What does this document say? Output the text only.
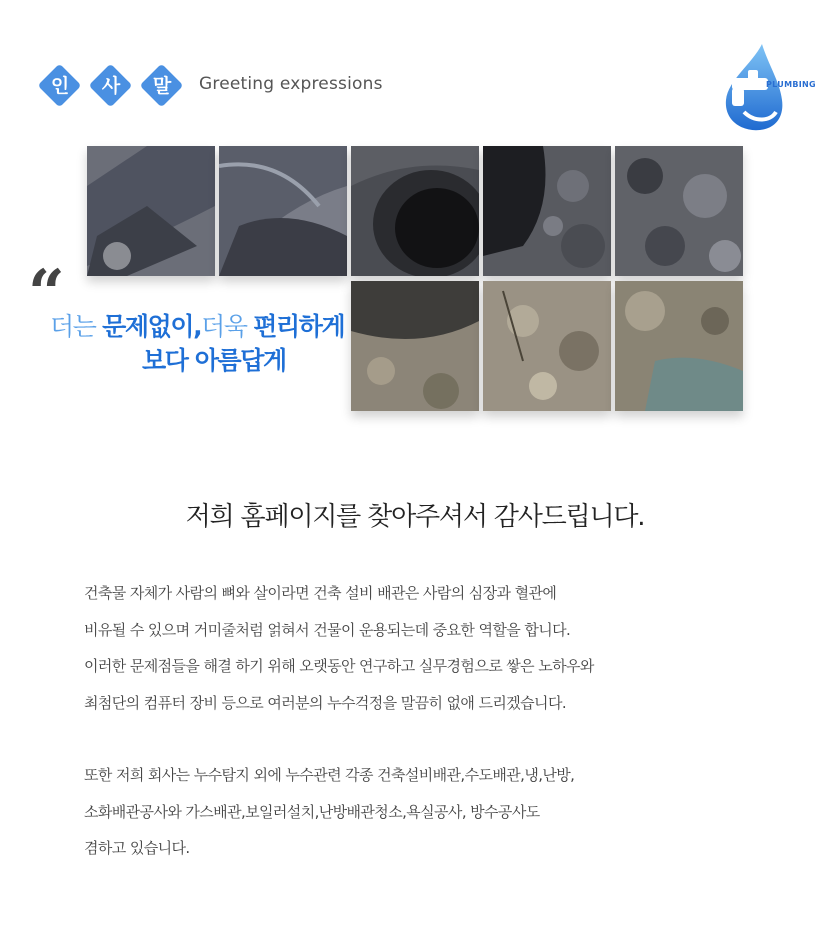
인	사	말	Greeting expressions	PLUMBING
“
더는 문제없이,더욱 편리하게
보다 아름답게
저희 홈페이지를 찾아주셔서 감사드립니다.

건축물 자체가 사람의 뼈와 살이라면 건축 설비 배관은 사람의 심장과 혈관에

비유될 수 있으며 거미줄처럼 얽혀서 건물이 운용되는데 중요한 역할을 합니다.

이러한 문제점들을 해결 하기 위해 오랫동안 연구하고 실무경험으로 쌓은 노하우와

최첨단의 컴퓨터 장비 등으로 여러분의 누수걱정을 말끔히 없애 드리겠습니다.

또한 저희 회사는 누수탐지 외에 누수관련 각종 건축설비배관,수도배관,냉,난방,

소화배관공사와 가스배관,보일러설치,난방배관청소,욕실공사, 방수공사도

겸하고 있습니다.
